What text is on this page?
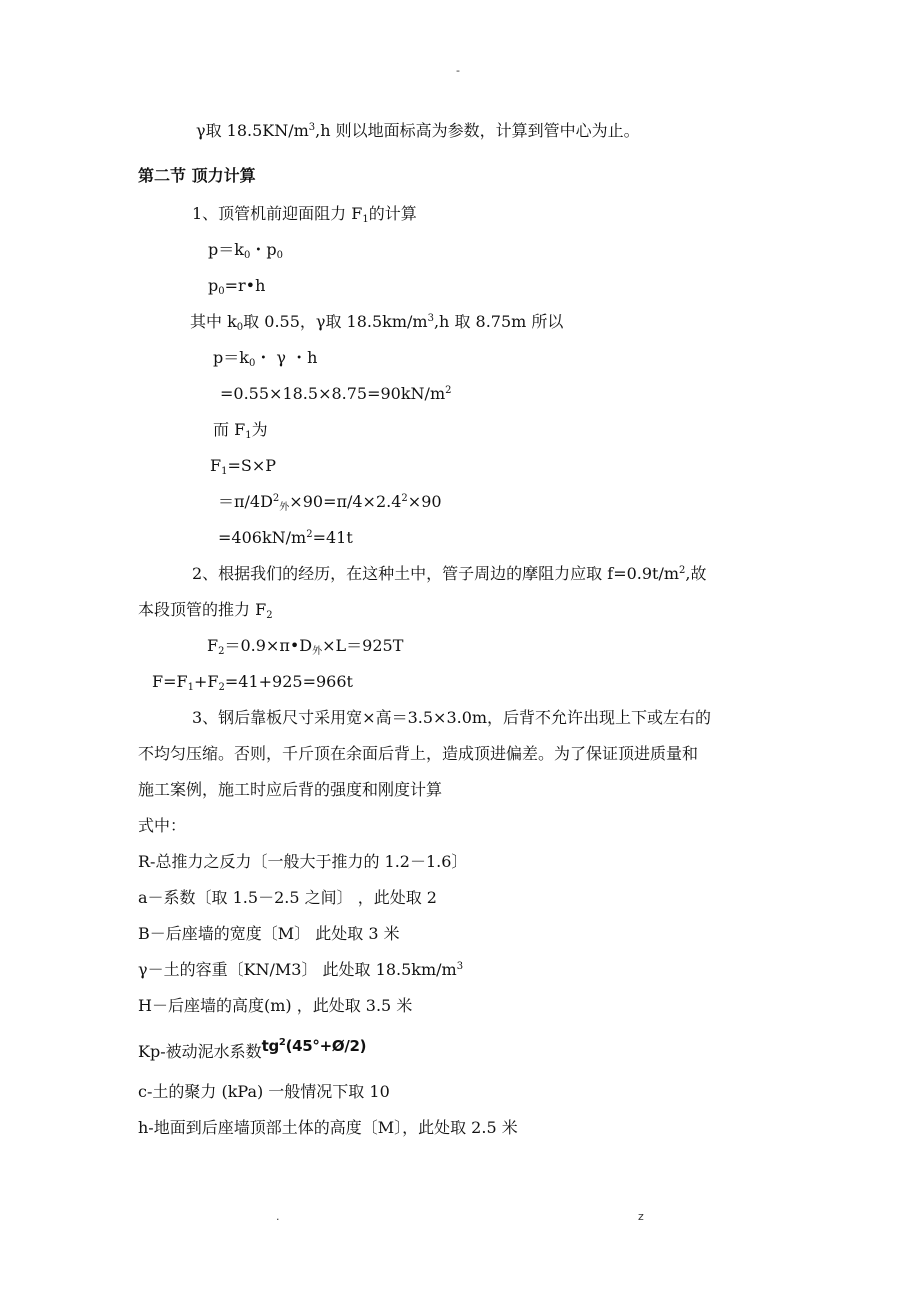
-
γ取 $18.5KN/m^3,h$ 则以地面标高为参数，计算到管中心为止。
第二节 顶力计算
1、顶管机前迎面阻力 $F_1$的计算
$p=k_0$・$p_0$
$p_0=r•h$
其中 $k_0$取 0.55，γ取 $18.5km/m^3,h$ 取 8.75m 所以
$p=k_0$・ γ ・h
$=0.55\times 18.5\times 8.75=90kN/m^2$
而 $F_1$为
$F_1=S\times P$
$=\pi/4D^2_外\times 90=\pi/4\times 2.4^2\times 90$
$=406kN/m^2=41t$
2、根据我们的经历，在这种土中，管子周边的摩阻力应取 $f=0.9t/m^2$,故
本段顶管的推力 $F_2$
$F_2=0.9\times\pi•D_外\times L=925T$
$F=F_1+F_2=41+925=966t$
3、钢后靠板尺寸采用宽×高＝3.5×3.0m，后背不允许出现上下或左右的
不均匀压缩。否则，千斤顶在余面后背上，造成顶进偏差。为了保证顶进质量和
施工案例，施工时应后背的强度和刚度计算
式中：
R-总推力之反力〔一般大于推力的 1.2－1.6〕
a－系数〔取 1.5－2.5 之间〕 ，此处取 2
B－后座墙的宽度〔M〕 此处取 3 米
γ－土的容重〔KN/M3〕 此处取 $18.5km/m^3$
H－后座墙的高度(m) ，此处取 3.5 米
Kp-被动泥水系数$tg^2(45^\circ+Ø/2)$
c-土的聚力 (kPa) 一般情况下取 10
h-地面到后座墙顶部土体的高度〔M〕，此处取 2.5 米
.	z
